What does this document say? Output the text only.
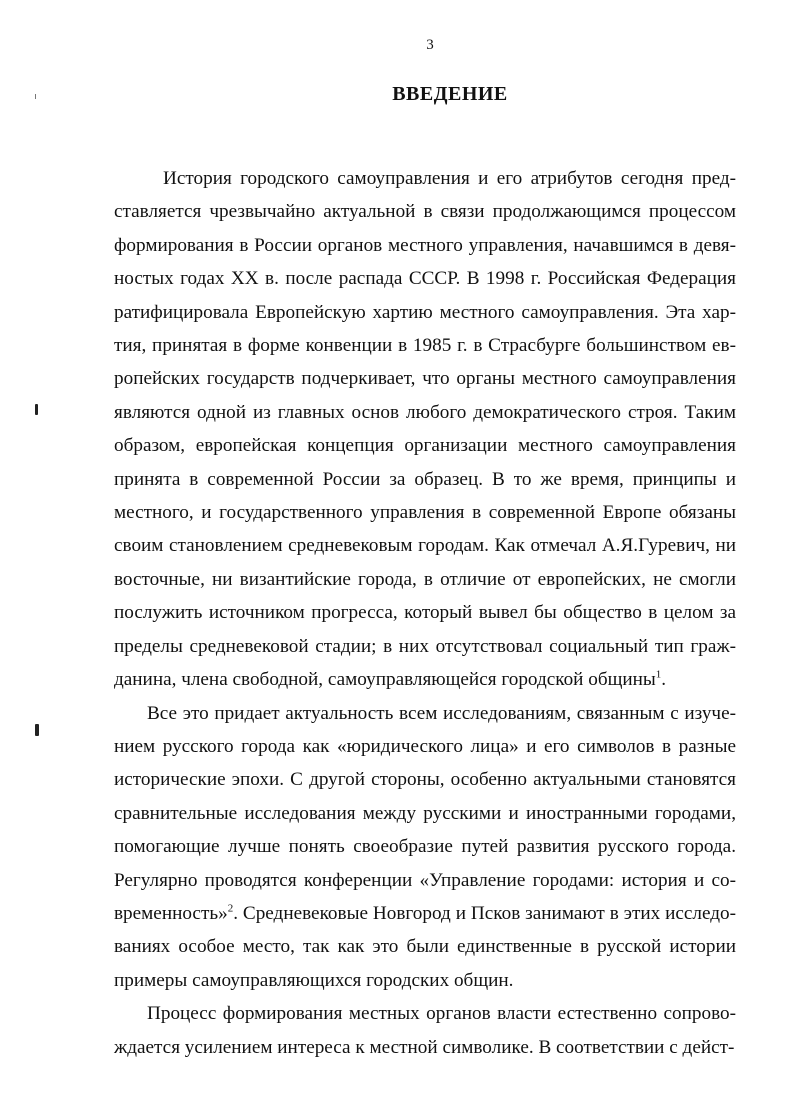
3
ВВЕДЕНИЕ

История городского самоуправления и его атрибутов сегодня представляется чрезвычайно актуальной в связи продолжающимся процессом формирования в России органов местного управления, начавшимся в девяностых годах XX в. после распада СССР. В 1998 г. Российская Федерация ратифицировала Европейскую хартию местного самоуправления. Эта хартия, принятая в форме конвенции в 1985 г. в Страсбурге большинством европейских государств подчеркивает, что органы местного самоуправления являются одной из главных основ любого демократического строя. Таким образом, европейская концепция организации местного самоуправления принята в современной России за образец. В то же время, принципы и местного, и государственного управления в современной Европе обязаны своим становлением средневековым городам. Как отмечал А.Я.Гуревич, ни восточные, ни византийские города, в отличие от европейских, не смогли послужить источником прогресса, который вывел бы общество в целом за пределы средневековой стадии; в них отсутствовал социальный тип гражданина, члена свободной, самоуправляющейся городской общины$^1$.

Все это придает актуальность всем исследованиям, связанным с изучением русского города как «юридического лица» и его символов в разные исторические эпохи. С другой стороны, особенно актуальными становятся сравнительные исследования между русскими и иностранными городами, помогающие лучше понять своеобразие путей развития русского города. Регулярно проводятся конференции «Управление городами: история и современность»$^2$. Средневековые Новгород и Псков занимают в этих исследованиях особое место, так как это были единственные в русской истории примеры самоуправляющихся городских общин.

Процесс формирования местных органов власти естественно сопровождается усилением интереса к местной символике. В соответствии с дейст-
